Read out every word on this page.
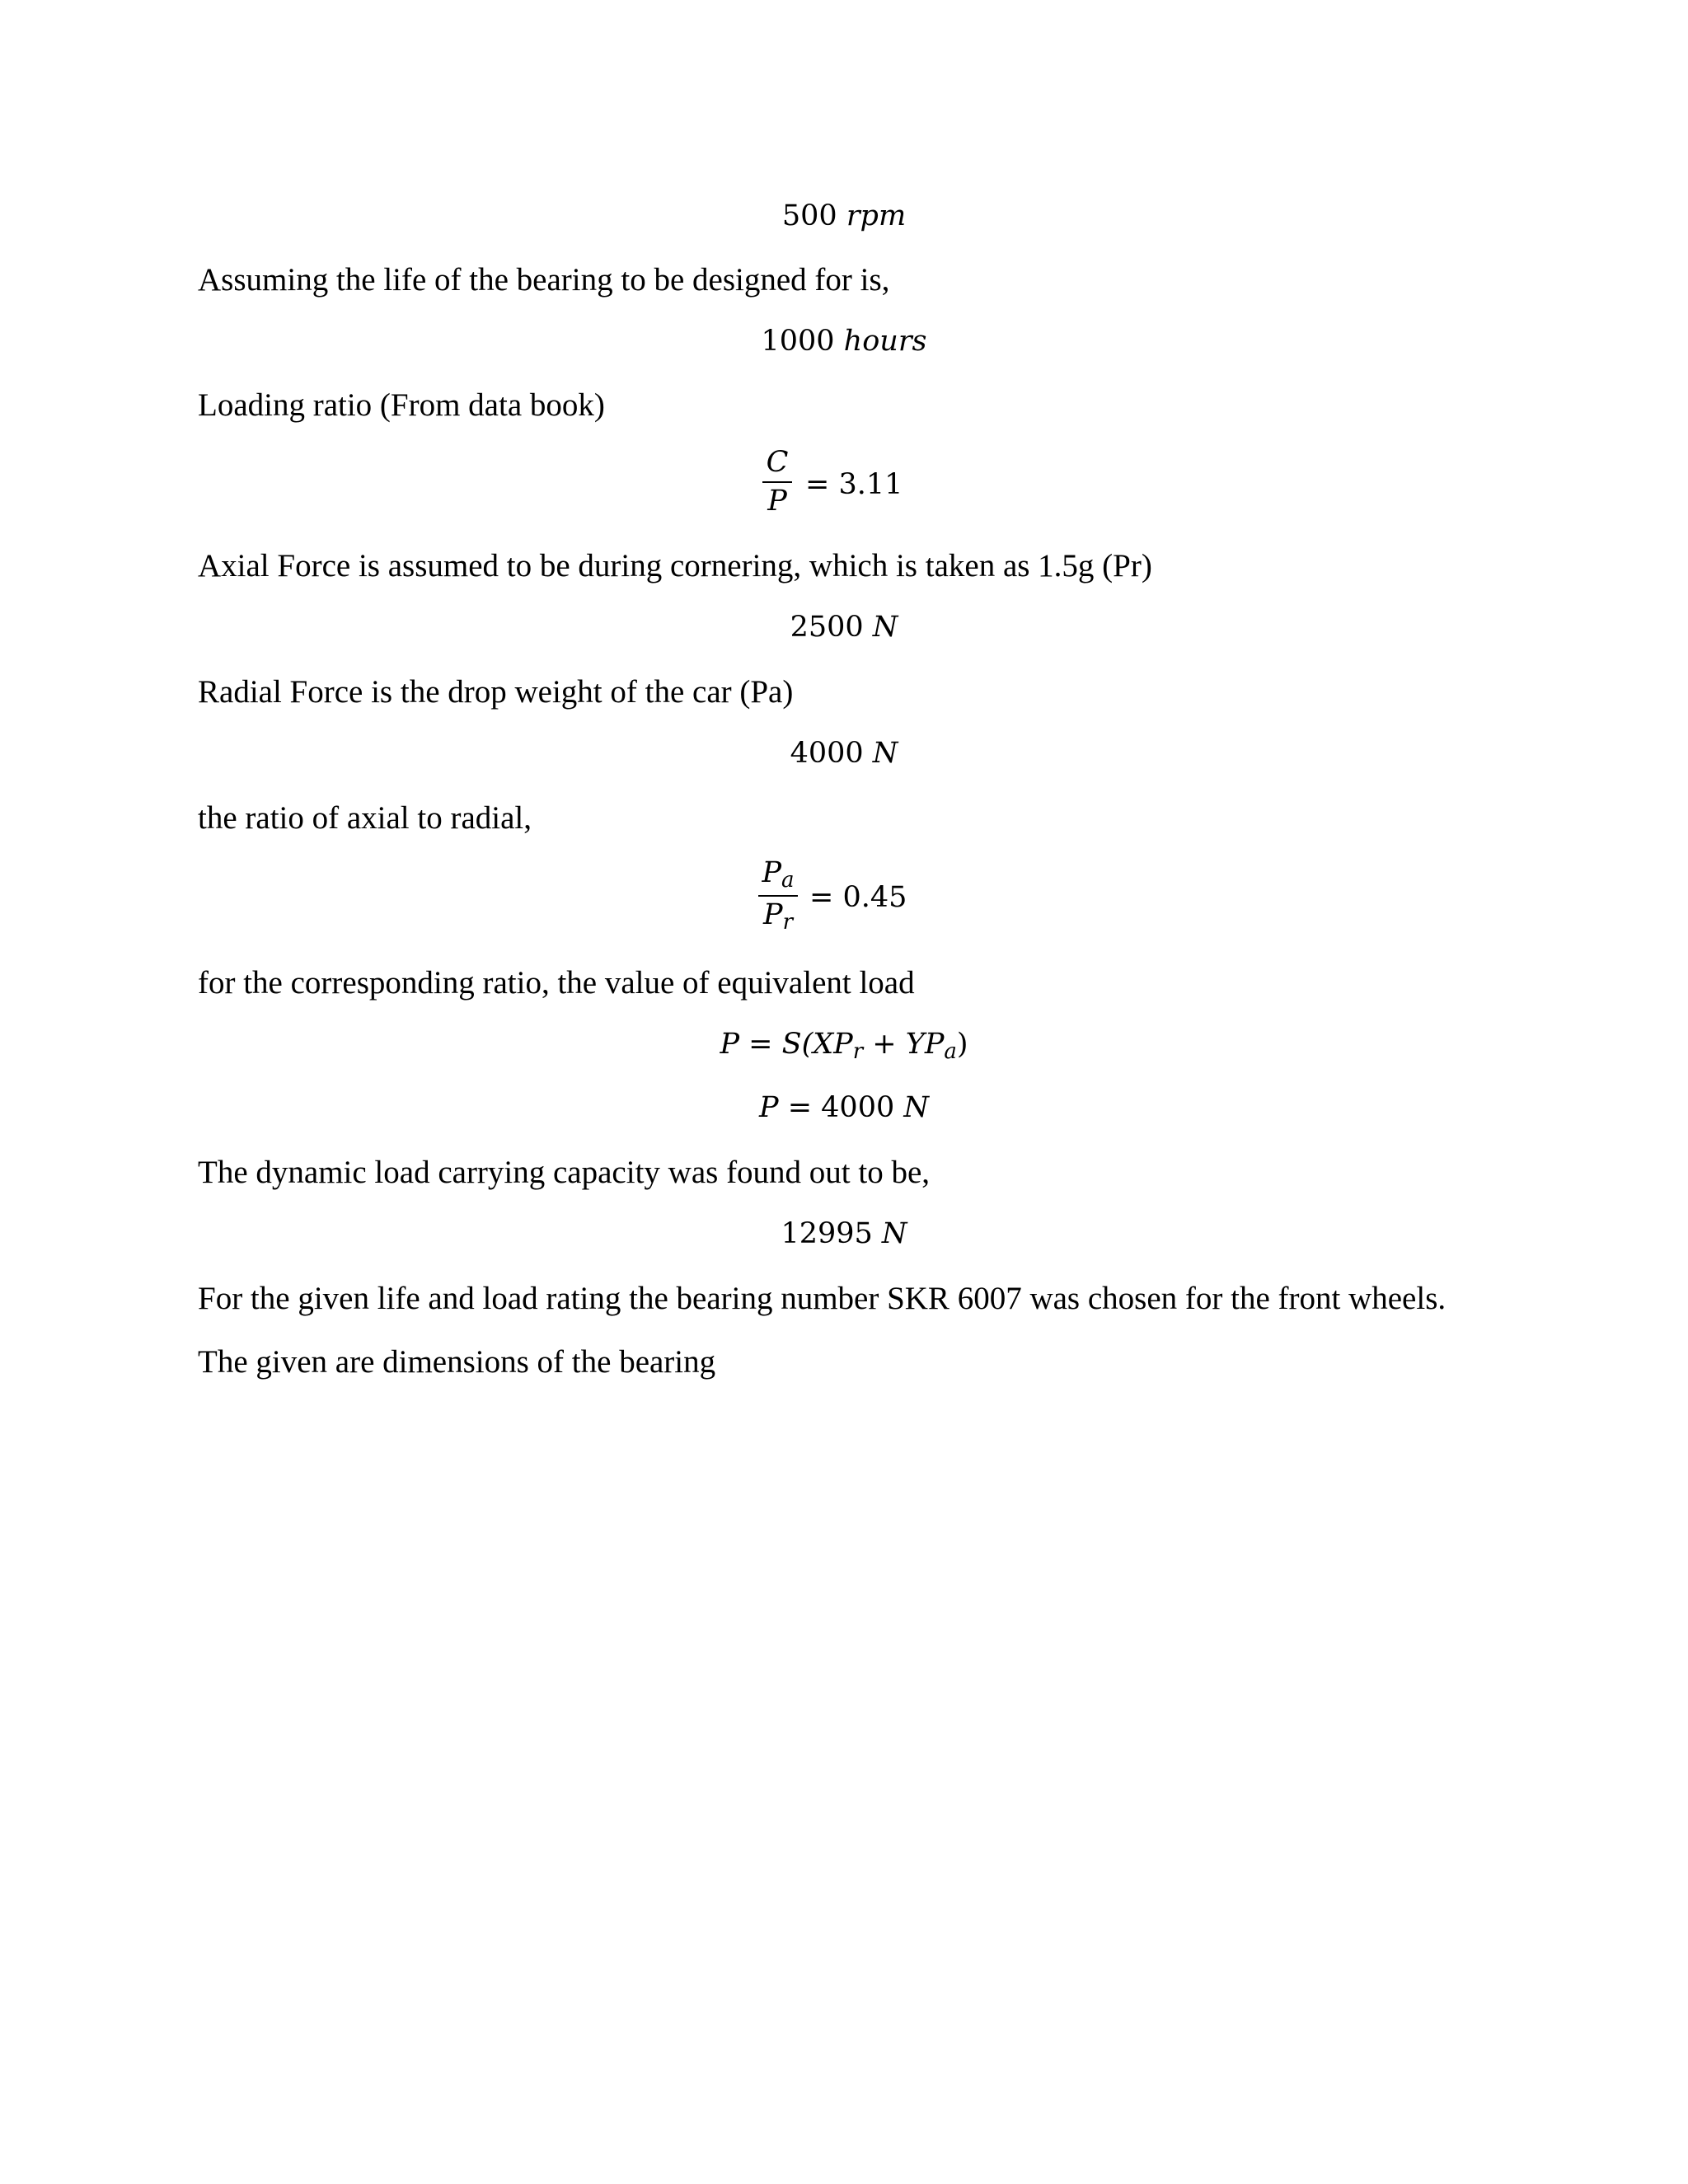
500 rpm
Assuming the life of the bearing to be designed for is,
1000 hours
Loading ratio (From data book)
C
P = 3.11
Axial Force is assumed to be during cornering, which is taken as 1.5g (Pr)
2500 N
Radial Force is the drop weight of the car (Pa)
4000 N
the ratio of axial to radial,
$P_a$
$P_r$
= 0.45
for the corresponding ratio, the value of equivalent load
P = S(XPr + YPa)
P = 4000 N
The dynamic load carrying capacity was found out to be,
12995 N
For the given life and load rating the bearing number SKR 6007 was chosen for the front wheels.
The given are dimensions of the bearing
